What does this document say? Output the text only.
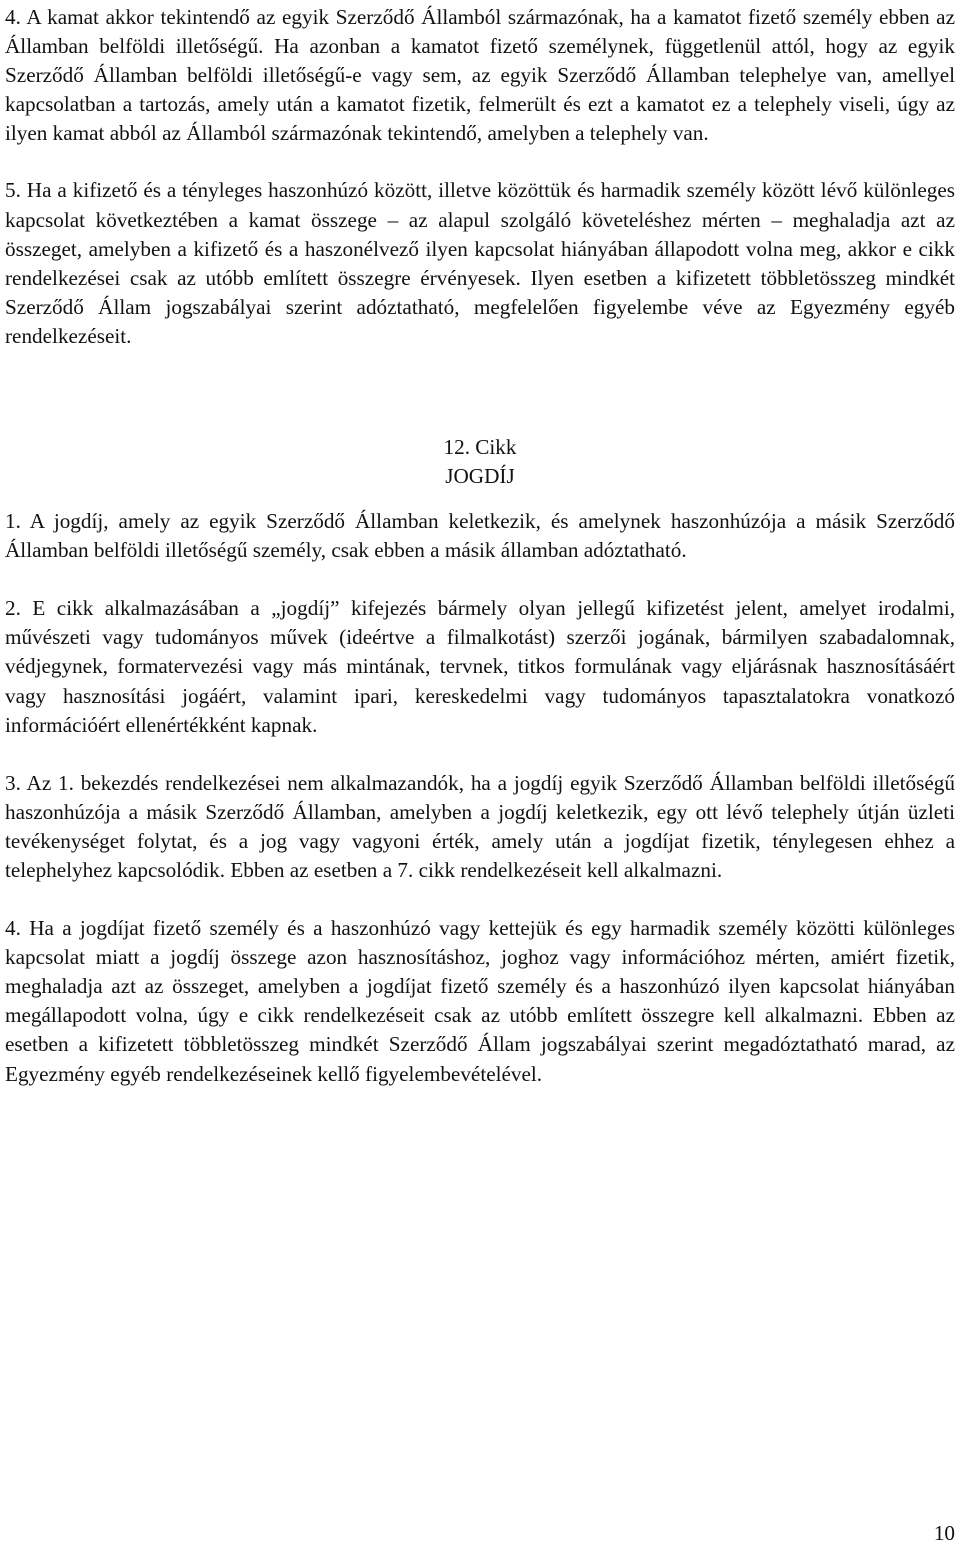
4. A kamat akkor tekintendő az egyik Szerződő Államból származónak, ha a kamatot fizető személy ebben az Államban belföldi illetőségű. Ha azonban a kamatot fizető személynek, függetlenül attól, hogy az egyik Szerződő Államban belföldi illetőségű-e vagy sem, az egyik Szerződő Államban telephelye van, amellyel kapcsolatban a tartozás, amely után a kamatot fizetik, felmerült és ezt a kamatot ez a telephely viseli, úgy az ilyen kamat abból az Államból származónak tekintendő, amelyben a telephely van.

5. Ha a kifizető és a tényleges haszonhúzó között, illetve közöttük és harmadik személy között lévő különleges kapcsolat következtében a kamat összege – az alapul szolgáló követeléshez mérten – meghaladja azt az összeget, amelyben a kifizető és a haszonélvező ilyen kapcsolat hiányában állapodott volna meg, akkor e cikk rendelkezései csak az utóbb említett összegre érvényesek. Ilyen esetben a kifizetett többletösszeg mindkét Szerződő Állam jogszabályai szerint adóztatható, megfelelően figyelembe véve az Egyezmény egyéb rendelkezéseit.

12. Cikk
JOGDÍJ

1. A jogdíj, amely az egyik Szerződő Államban keletkezik, és amelynek haszonhúzója a másik Szerződő Államban belföldi illetőségű személy, csak ebben a másik államban adóztatható.

2. E cikk alkalmazásában a „jogdíj” kifejezés bármely olyan jellegű kifizetést jelent, amelyet irodalmi, művészeti vagy tudományos művek (ideértve a filmalkotást) szerzői jogának, bármilyen szabadalomnak, védjegynek, formatervezési vagy más mintának, tervnek, titkos formulának vagy eljárásnak hasznosításáért vagy hasznosítási jogáért, valamint ipari, kereskedelmi vagy tudományos tapasztalatokra vonatkozó információért ellenértékként kapnak.

3. Az 1. bekezdés rendelkezései nem alkalmazandók, ha a jogdíj egyik Szerződő Államban belföldi illetőségű haszonhúzója a másik Szerződő Államban, amelyben a jogdíj keletkezik, egy ott lévő telephely útján üzleti tevékenységet folytat, és a jog vagy vagyoni érték, amely után a jogdíjat fizetik, ténylegesen ehhez a telephelyhez kapcsolódik. Ebben az esetben a 7. cikk rendelkezéseit kell alkalmazni.

4. Ha a jogdíjat fizető személy és a haszonhúzó vagy kettejük és egy harmadik személy közötti különleges kapcsolat miatt a jogdíj összege azon hasznosításhoz, joghoz vagy információhoz mérten, amiért fizetik, meghaladja azt az összeget, amelyben a jogdíjat fizető személy és a haszonhúzó ilyen kapcsolat hiányában megállapodott volna, úgy e cikk rendelkezéseit csak az utóbb említett összegre kell alkalmazni. Ebben az esetben a kifizetett többletösszeg mindkét Szerződő Állam jogszabályai szerint megadóztatható marad, az Egyezmény egyéb rendelkezéseinek kellő figyelembevételével.

10
